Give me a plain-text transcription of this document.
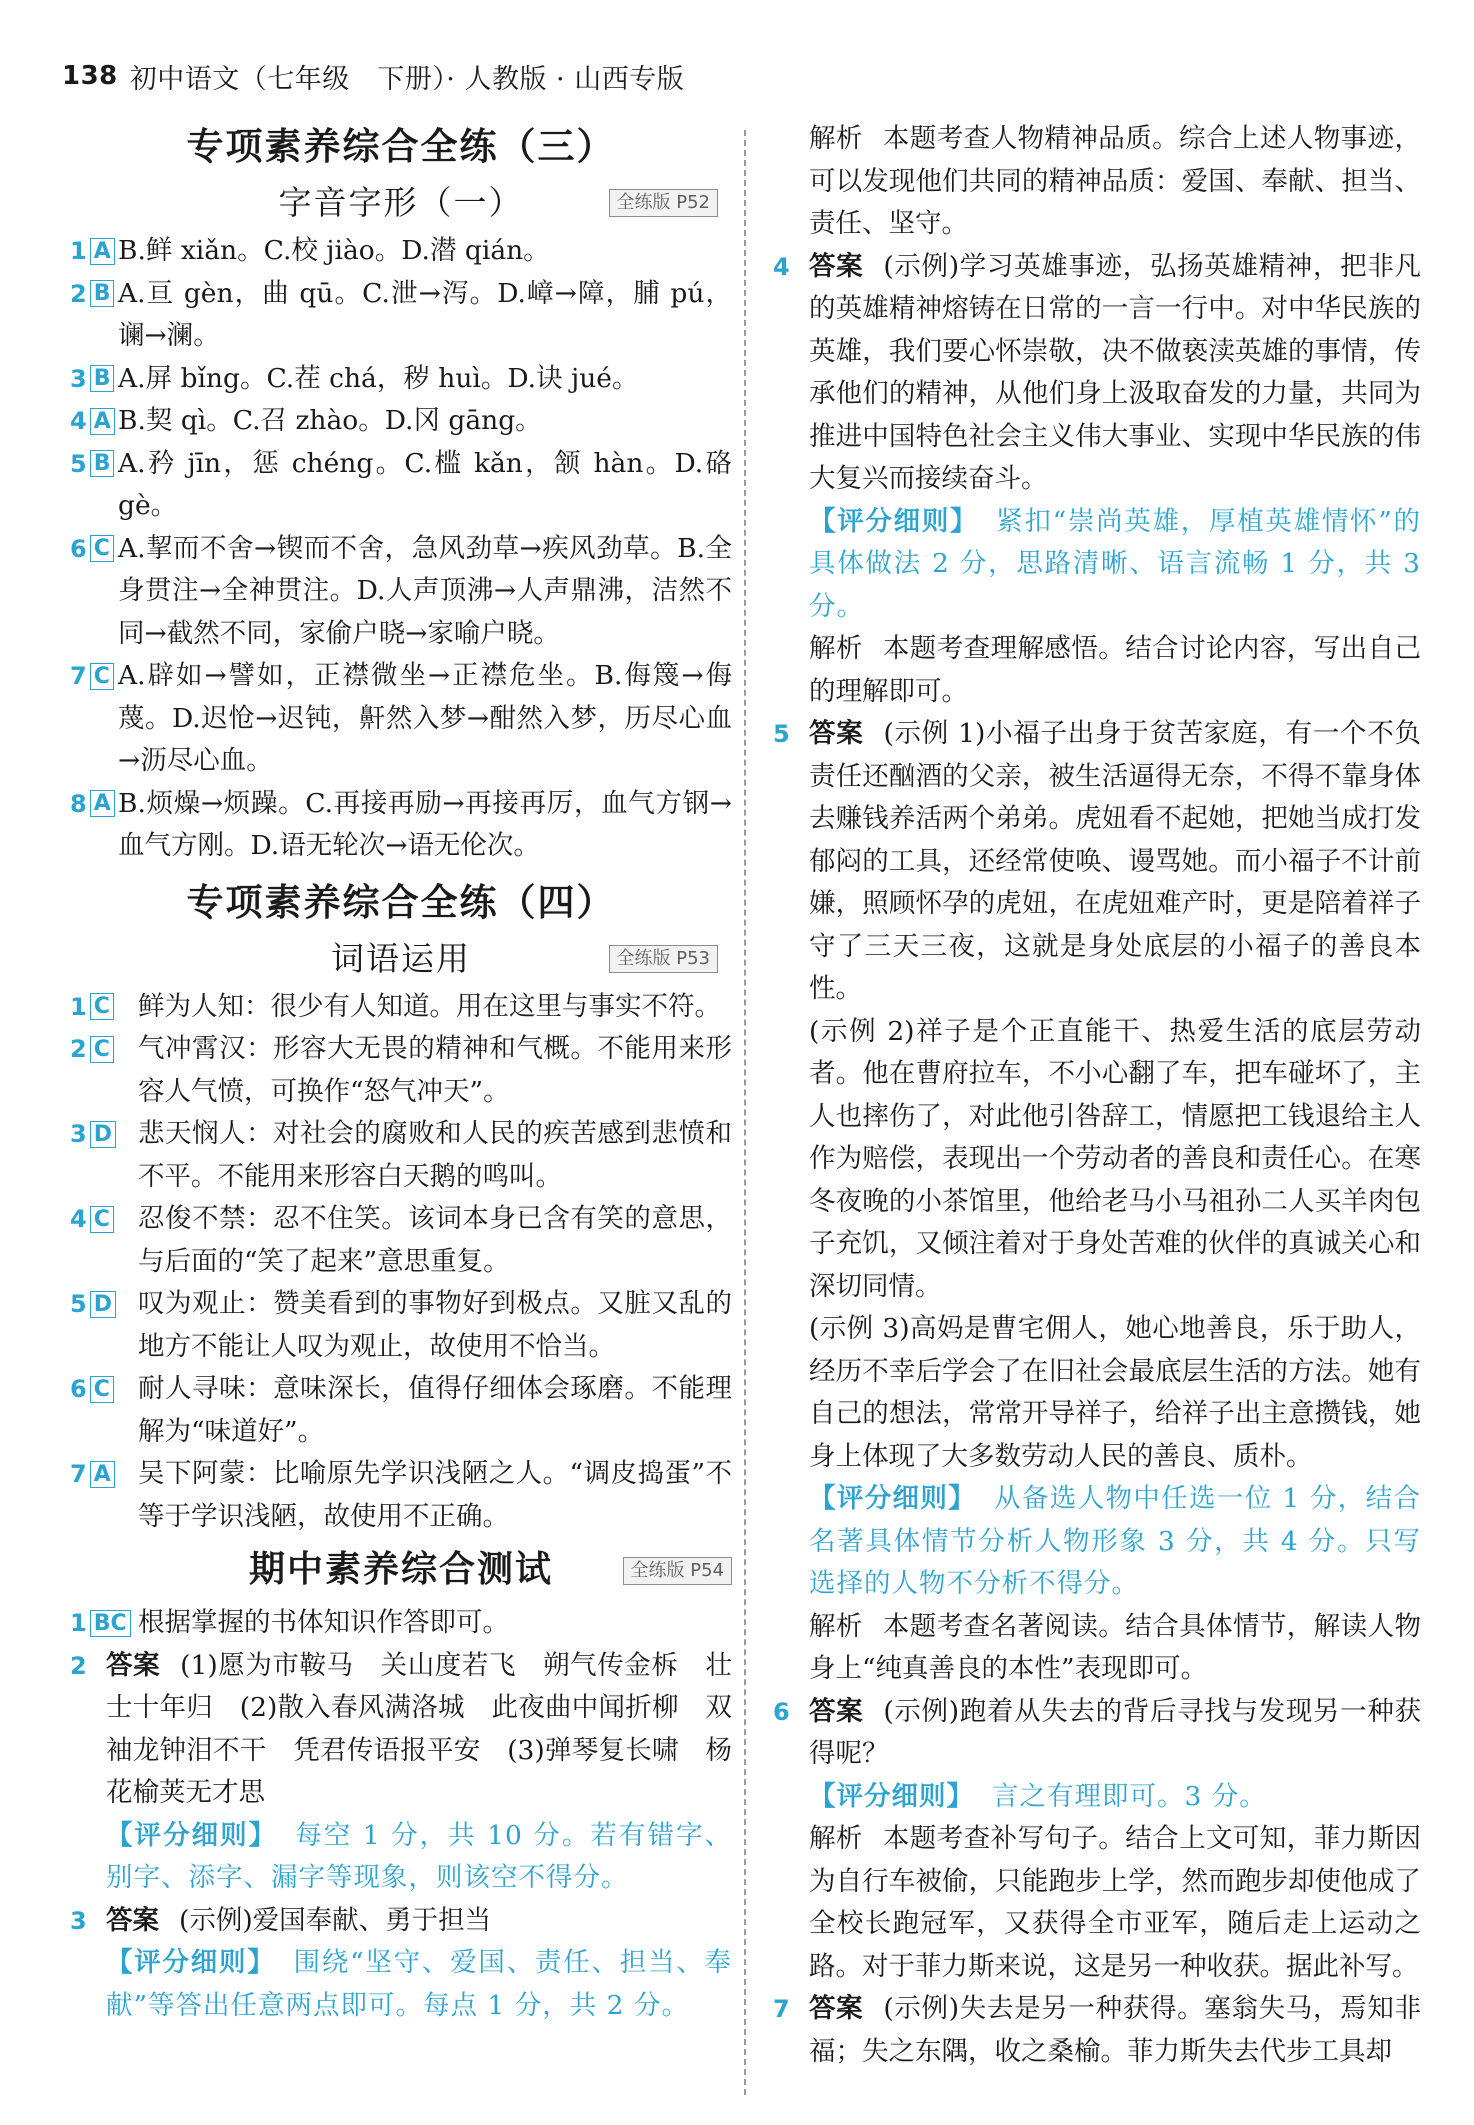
138 初中语文（七年级　下册）· 人教版 · 山西专版
专项素养综合全练（三）
字音字形（一）	全练版 P52
1 A B.鲜 xiǎn。C.校 jiào。D.潜 qián。
2 B A.亘 gèn，曲 qū。C.泄→泻。D.嶂→障，脯 pú，谰→澜。
3 B A.屏 bǐng。C.茬 chá，秽 huì。D.诀 jué。
4 A B.契 qì。C.召 zhào。D.冈 gāng。
5 B A.矜 jīn，惩 chéng。C.槛 kǎn，颔 hàn。D.硌 gè。
6 C A.挈而不舍→锲而不舍，急风劲草→疾风劲草。B.全身贯注→全神贯注。D.人声顶沸→人声鼎沸，洁然不同→截然不同，家偷户晓→家喻户晓。
7 C A.辟如→譬如，正襟微坐→正襟危坐。B.侮篾→侮蔑。D.迟怆→迟钝，鼾然入梦→酣然入梦，历尽心血→沥尽心血。
8 A B.烦燥→烦躁。C.再接再励→再接再厉，血气方钢→血气方刚。D.语无轮次→语无伦次。
专项素养综合全练（四）
词语运用	全练版 P53
1 C 鲜为人知：很少有人知道。用在这里与事实不符。
2 C 气冲霄汉：形容大无畏的精神和气概。不能用来形容人气愤，可换作“怒气冲天”。
3 D 悲天悯人：对社会的腐败和人民的疾苦感到悲愤和不平。不能用来形容白天鹅的鸣叫。
4 C 忍俊不禁：忍不住笑。该词本身已含有笑的意思，与后面的“笑了起来”意思重复。
5 D 叹为观止：赞美看到的事物好到极点。又脏又乱的地方不能让人叹为观止，故使用不恰当。
6 C 耐人寻味：意味深长，值得仔细体会琢磨。不能理解为“味道好”。
7 A 吴下阿蒙：比喻原先学识浅陋之人。“调皮捣蛋”不等于学识浅陋，故使用不正确。
期中素养综合测试	全练版 P54
1 BC 根据掌握的书体知识作答即可。
2 答案 (1)愿为市鞍马　关山度若飞　朔气传金柝　壮士十年归　(2)散入春风满洛城　此夜曲中闻折柳　双袖龙钟泪不干　凭君传语报平安　(3)弹琴复长啸　杨花榆荚无才思
【评分细则】 每空 1 分，共 10 分。若有错字、别字、添字、漏字等现象，则该空不得分。
3 答案 (示例)爱国奉献、勇于担当
【评分细则】 围绕“坚守、爱国、责任、担当、奉献”等答出任意两点即可。每点 1 分，共 2 分。
解析 本题考查人物精神品质。综合上述人物事迹，可以发现他们共同的精神品质：爱国、奉献、担当、责任、坚守。
4 答案 (示例)学习英雄事迹，弘扬英雄精神，把非凡的英雄精神熔铸在日常的一言一行中。对中华民族的英雄，我们要心怀崇敬，决不做亵渎英雄的事情，传承他们的精神，从他们身上汲取奋发的力量，共同为推进中国特色社会主义伟大事业、实现中华民族的伟大复兴而接续奋斗。
【评分细则】 紧扣“崇尚英雄，厚植英雄情怀”的具体做法 2 分，思路清晰、语言流畅 1 分，共 3 分。
解析 本题考查理解感悟。结合讨论内容，写出自己的理解即可。
5 答案 (示例 1)小福子出身于贫苦家庭，有一个不负责任还酗酒的父亲，被生活逼得无奈，不得不靠身体去赚钱养活两个弟弟。虎妞看不起她，把她当成打发郁闷的工具，还经常使唤、谩骂她。而小福子不计前嫌，照顾怀孕的虎妞，在虎妞难产时，更是陪着祥子守了三天三夜，这就是身处底层的小福子的善良本性。
(示例 2)祥子是个正直能干、热爱生活的底层劳动者。他在曹府拉车，不小心翻了车，把车碰坏了，主人也摔伤了，对此他引咎辞工，情愿把工钱退给主人作为赔偿，表现出一个劳动者的善良和责任心。在寒冬夜晚的小茶馆里，他给老马小马祖孙二人买羊肉包子充饥，又倾注着对于身处苦难的伙伴的真诚关心和深切同情。
(示例 3)高妈是曹宅佣人，她心地善良，乐于助人，经历不幸后学会了在旧社会最底层生活的方法。她有自己的想法，常常开导祥子，给祥子出主意攒钱，她身上体现了大多数劳动人民的善良、质朴。
【评分细则】 从备选人物中任选一位 1 分，结合名著具体情节分析人物形象 3 分，共 4 分。只写选择的人物不分析不得分。
解析 本题考查名著阅读。结合具体情节，解读人物身上“纯真善良的本性”表现即可。
6 答案 (示例)跑着从失去的背后寻找与发现另一种获得呢？
【评分细则】 言之有理即可。3 分。
解析 本题考查补写句子。结合上文可知，菲力斯因为自行车被偷，只能跑步上学，然而跑步却使他成了全校长跑冠军，又获得全市亚军，随后走上运动之路。对于菲力斯来说，这是另一种收获。据此补写。
7 答案 (示例)失去是另一种获得。塞翁失马，焉知非福；失之东隅，收之桑榆。菲力斯失去代步工具却
